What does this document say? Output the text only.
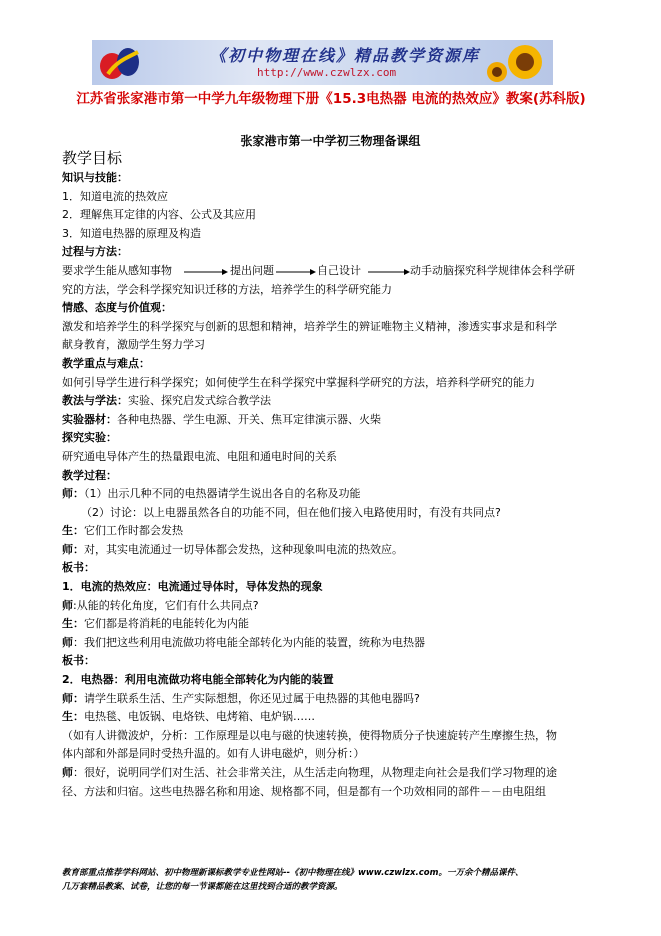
《初中物理在线》精品教学资源库
http://www.czwlzx.com
江苏省张家港市第一中学九年级物理下册《15.3电热器 电流的热效应》教案(苏科版)
张家港市第一中学初三物理备课组
教学目标
知识与技能：
1．知道电流的热效应
2．理解焦耳定律的内容、公式及其应用
3．知道电热器的原理及构造
过程与方法：
要求学生能从感知事物	提出问题	自己设计	动手动脑探究科学规律体会科学研
究的方法，学会科学探究知识迁移的方法，培养学生的科学研究能力
情感、态度与价值观：
激发和培养学生的科学探究与创新的思想和精神，培养学生的辨证唯物主义精神，渗透实事求是和科学
献身教育，激励学生努力学习
教学重点与难点：
如何引导学生进行科学探究；如何使学生在科学探究中掌握科学研究的方法，培养科学研究的能力
教法与学法：实验、探究启发式综合教学法
实验器材：各种电热器、学生电源、开关、焦耳定律演示器、火柴
探究实验：
研究通电导体产生的热量跟电流、电阻和通电时间的关系
教学过程：
师：（1）出示几种不同的电热器请学生说出各自的名称及功能
（2）讨论：以上电器虽然各自的功能不同，但在他们接入电路使用时，有没有共同点?
生：它们工作时都会发热
师：对，其实电流通过一切导体都会发热，这种现象叫电流的热效应。
板书：
1．电流的热效应：电流通过导体时，导体发热的现象
师:从能的转化角度，它们有什么共同点?
生：它们都是将消耗的电能转化为内能
师：我们把这些利用电流做功将电能全部转化为内能的装置，统称为电热器
板书：
2．电热器：利用电流做功将电能全部转化为内能的装置
师：请学生联系生活、生产实际想想，你还见过属于电热器的其他电器吗?
生：电热毯、电饭锅、电烙铁、电烤箱、电炉锅……
（如有人讲微波炉，分析：工作原理是以电与磁的快速转换，使得物质分子快速旋转产生摩擦生热，物
体内部和外部是同时受热升温的。如有人讲电磁炉，则分析：）
师：很好，说明同学们对生活、社会非常关注，从生活走向物理，从物理走向社会是我们学习物理的途
径、方法和归宿。这些电热器名称和用途、规格都不同，但是都有一个功效相同的部件－－由电阻组
教育部重点推荐学科网站、初中物理新课标教学专业性网站--《初中物理在线》www.czwlzx.com。一万余个精品课件、
几万套精品教案、试卷，让您的每一节课都能在这里找到合适的教学资源。
